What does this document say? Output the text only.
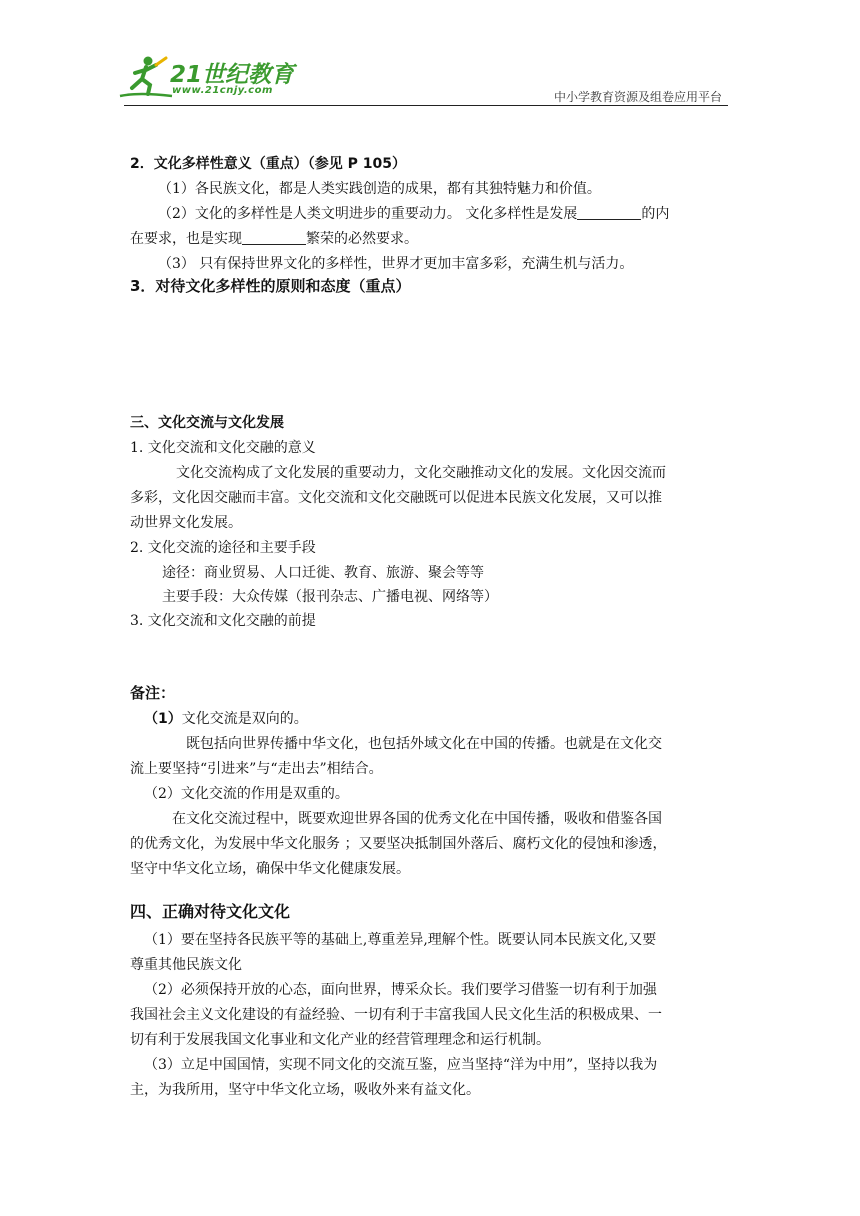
21世纪教育
www.21cnjy.com	中小学教育资源及组卷应用平台
2．文化多样性意义（重点）（参见 P 105）
（1）各民族文化，都是人类实践创造的成果，都有其独特魅力和价值。
（2）文化的多样性是人类文明进步的重要动力。 文化多样性是发展	的内
在要求，也是实现	繁荣的必然要求。
（3） 只有保持世界文化的多样性，世界才更加丰富多彩，充满生机与活力。
3．对待文化多样性的原则和态度（重点）
三、文化交流与文化发展
1. 文化交流和文化交融的意义
文化交流构成了文化发展的重要动力，文化交融推动文化的发展。文化因交流而
多彩，文化因交融而丰富。文化交流和文化交融既可以促进本民族文化发展，又可以推
动世界文化发展。
2. 文化交流的途径和主要手段
途径：商业贸易、人口迁徙、教育、旅游、聚会等等
主要手段：大众传媒（报刊杂志、广播电视、网络等）
3. 文化交流和文化交融的前提
备注：
（1）文化交流是双向的。
既包括向世界传播中华文化，也包括外域文化在中国的传播。也就是在文化交
流上要坚持“引进来”与“走出去”相结合。
（2）文化交流的作用是双重的。
在文化交流过程中，既要欢迎世界各国的优秀文化在中国传播，吸收和借鉴各国
的优秀文化，为发展中华文化服务 ；又要坚决抵制国外落后、腐朽文化的侵蚀和渗透，
坚守中华文化立场，确保中华文化健康发展。
四、正确对待文化文化
（1）要在坚持各民族平等的基础上,尊重差异,理解个性。既要认同本民族文化,又要
尊重其他民族文化
（2）必须保持开放的心态，面向世界，博采众长。我们要学习借鉴一切有利于加强
我国社会主义文化建设的有益经验、一切有利于丰富我国人民文化生活的积极成果、一
切有利于发展我国文化事业和文化产业的经营管理理念和运行机制。
（3）立足中国国情，实现不同文化的交流互鉴，应当坚持“洋为中用”，坚持以我为
主，为我所用，坚守中华文化立场，吸收外来有益文化。
